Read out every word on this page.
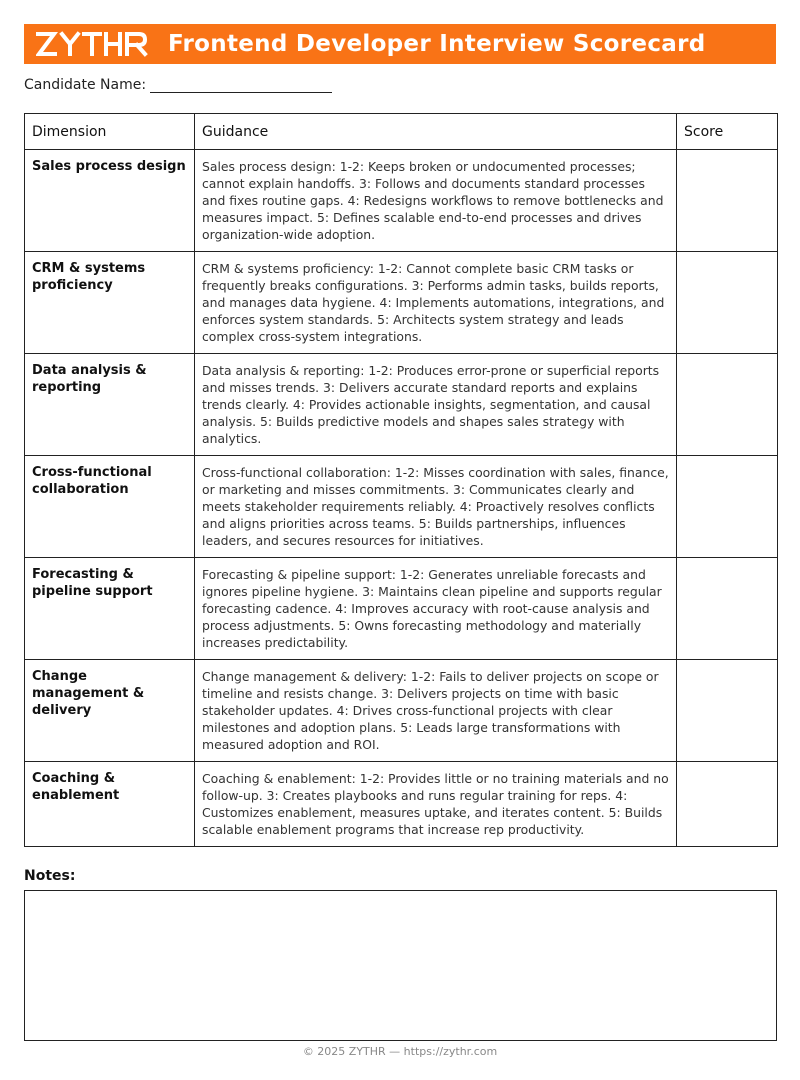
Frontend Developer Interview Scorecard
Candidate Name:
Dimension	Guidance	Score
Sales process design	Sales process design: 1-2: Keeps broken or undocumented processes; cannot explain handoffs. 3: Follows and documents standard processes and fixes routine gaps. 4: Redesigns workflows to remove bottlenecks and measures impact. 5: Defines scalable end-to-end processes and drives organization-wide adoption.	
CRM & systems proficiency	CRM & systems proficiency: 1-2: Cannot complete basic CRM tasks or frequently breaks configurations. 3: Performs admin tasks, builds reports, and manages data hygiene. 4: Implements automations, integrations, and enforces system standards. 5: Architects system strategy and leads complex cross-system integrations.	
Data analysis & reporting	Data analysis & reporting: 1-2: Produces error-prone or superficial reports and misses trends. 3: Delivers accurate standard reports and explains trends clearly. 4: Provides actionable insights, segmentation, and causal analysis. 5: Builds predictive models and shapes sales strategy with analytics.	
Cross-functional collaboration	Cross-functional collaboration: 1-2: Misses coordination with sales, finance, or marketing and misses commitments. 3: Communicates clearly and meets stakeholder requirements reliably. 4: Proactively resolves conflicts and aligns priorities across teams. 5: Builds partnerships, influences leaders, and secures resources for initiatives.	
Forecasting & pipeline support	Forecasting & pipeline support: 1-2: Generates unreliable forecasts and ignores pipeline hygiene. 3: Maintains clean pipeline and supports regular forecasting cadence. 4: Improves accuracy with root-cause analysis and process adjustments. 5: Owns forecasting methodology and materially increases predictability.	
Change management & delivery	Change management & delivery: 1-2: Fails to deliver projects on scope or timeline and resists change. 3: Delivers projects on time with basic stakeholder updates. 4: Drives cross-functional projects with clear milestones and adoption plans. 5: Leads large transformations with measured adoption and ROI.	
Coaching & enablement	Coaching & enablement: 1-2: Provides little or no training materials and no follow-up. 3: Creates playbooks and runs regular training for reps. 4: Customizes enablement, measures uptake, and iterates content. 5: Builds scalable enablement programs that increase rep productivity.	
Notes:
© 2025 ZYTHR — https://zythr.com
